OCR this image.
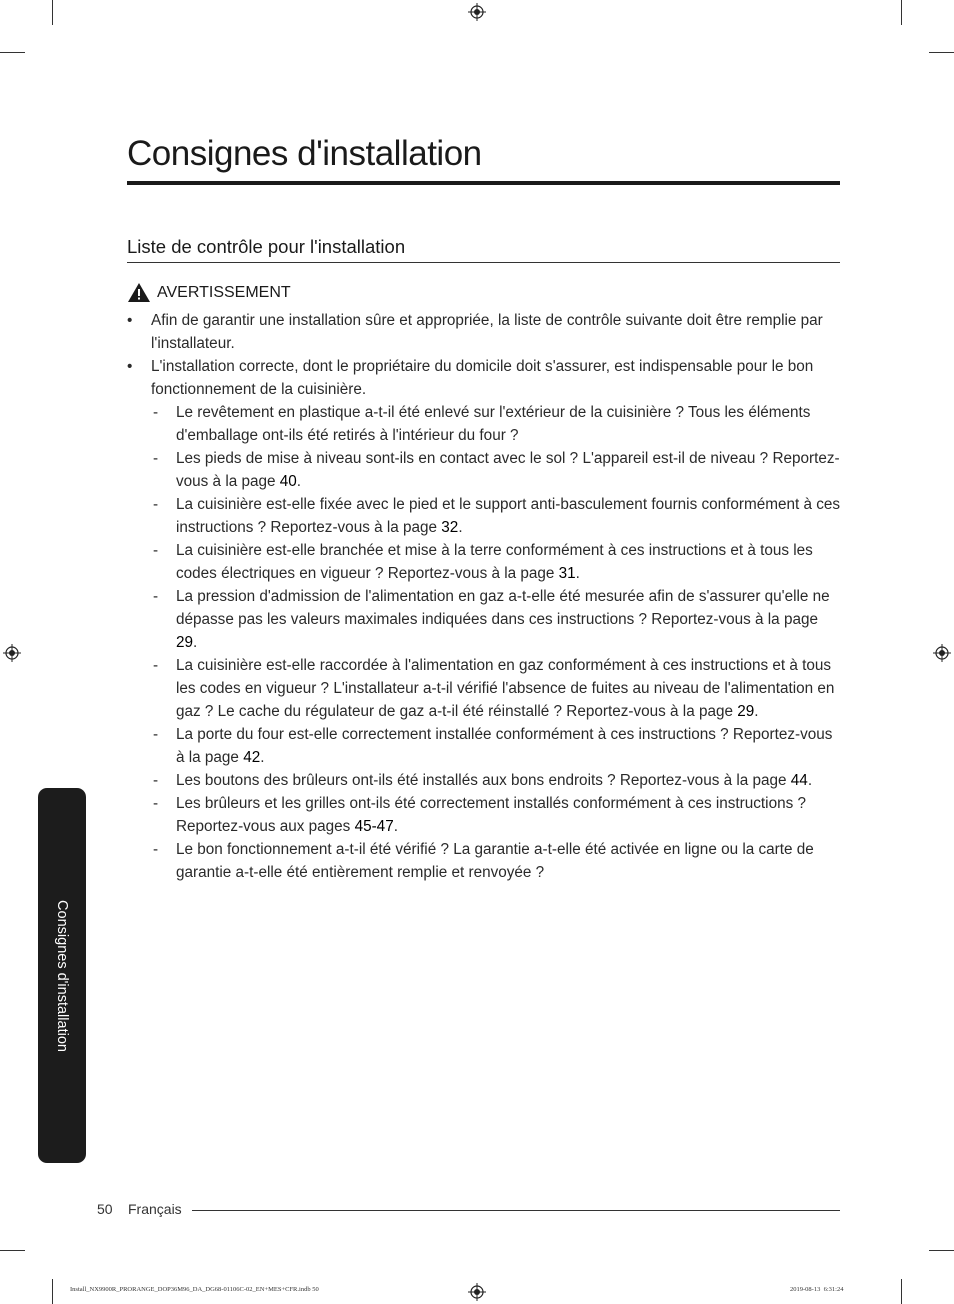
Consignes d'installation
Liste de contrôle pour l'installation
AVERTISSEMENT
• Afin de garantir une installation sûre et appropriée, la liste de contrôle suivante doit être remplie par l'installateur.
• L'installation correcte, dont le propriétaire du domicile doit s'assurer, est indispensable pour le bon fonctionnement de la cuisinière.
- Le revêtement en plastique a-t-il été enlevé sur l'extérieur de la cuisinière ? Tous les éléments d'emballage ont-ils été retirés à l'intérieur du four ?
- Les pieds de mise à niveau sont-ils en contact avec le sol ? L'appareil est-il de niveau ? Reportez-vous à la page 40.
- La cuisinière est-elle fixée avec le pied et le support anti-basculement fournis conformément à ces instructions ? Reportez-vous à la page 32.
- La cuisinière est-elle branchée et mise à la terre conformément à ces instructions et à tous les codes électriques en vigueur ? Reportez-vous à la page 31.
- La pression d'admission de l'alimentation en gaz a-t-elle été mesurée afin de s'assurer qu'elle ne dépasse pas les valeurs maximales indiquées dans ces instructions ? Reportez-vous à la page 29.
- La cuisinière est-elle raccordée à l'alimentation en gaz conformément à ces instructions et à tous les codes en vigueur ? L'installateur a-t-il vérifié l'absence de fuites au niveau de l'alimentation en gaz ? Le cache du régulateur de gaz a-t-il été réinstallé ? Reportez-vous à la page 29.
- La porte du four est-elle correctement installée conformément à ces instructions ? Reportez-vous à la page 42.
- Les boutons des brûleurs ont-ils été installés aux bons endroits ? Reportez-vous à la page 44.
- Les brûleurs et les grilles ont-ils été correctement installés conformément à ces instructions ? Reportez-vous aux pages 45-47.
- Le bon fonctionnement a-t-il été vérifié ? La garantie a-t-elle été activée en ligne ou la carte de garantie a-t-elle été entièrement remplie et renvoyée ?
Consignes d'installation
50 Français
Install_NX9900R_PRORANGE_DOP36M96_DA_DG68-01106C-02_EN+MES+CFR.indb 50	2019-08-13 ⁠⁠ 6:31:24
